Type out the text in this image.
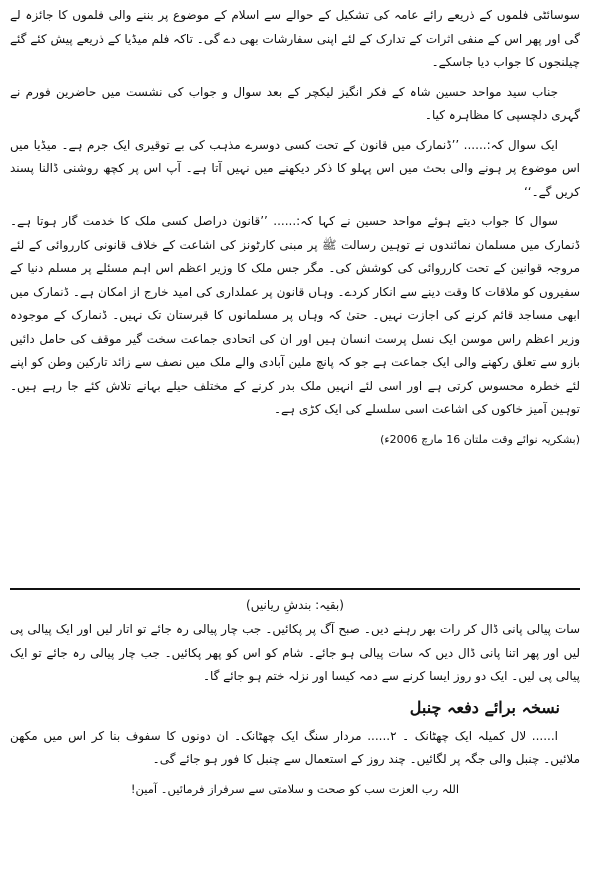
سوسائٹی فلموں کے ذریعے رائے عامہ کی تشکیل کے حوالے سے اسلام کے موضوع پر بننے والی فلموں کا جائزہ لے گی اور پھر اس کے منفی اثرات کے تدارک کے لئے اپنی سفارشات بھی دے گی۔ تاکہ فلم میڈیا کے ذریعے پیش کئے گئے چیلنجوں کا جواب دیا جاسکے۔

جناب سید مواحد حسین شاہ کے فکر انگیز لیکچر کے بعد سوال و جواب کی نشست میں حاضرین فورم نے گہری دلچسپی کا مظاہرہ کیا۔

ایک سوال کہ:...... ’’ڈنمارک میں قانون کے تحت کسی دوسرے مذہب کی بے توقیری ایک جرم ہے۔ میڈیا میں اس موضوع پر ہونے والی بحث میں اس پہلو کا ذکر دیکھنے میں نہیں آتا ہے۔ آپ اس پر کچھ روشنی ڈالنا پسند کریں گے۔‘‘

سوال کا جواب دیتے ہوئے مواحد حسین نے کہا کہ:...... ’’قانون دراصل کسی ملک کا خدمت گار ہوتا ہے۔ ڈنمارک میں مسلمان نمائندوں نے توہین رسالت ﷺ پر مبنی کارٹونز کی اشاعت کے خلاف قانونی کارروائی کے لئے مروجہ قوانین کے تحت کارروائی کی کوشش کی۔ مگر جس ملک کا وزیر اعظم اس اہم مسئلے پر مسلم دنیا کے سفیروں کو ملاقات کا وقت دینے سے انکار کردے۔ وہاں قانون پر عملداری کی امید خارج از امکان ہے۔ ڈنمارک میں ابھی مساجد قائم کرنے کی اجازت نہیں۔ حتیٰ کہ وہاں پر مسلمانوں کا قبرستان تک نہیں۔ ڈنمارک کے موجودہ وزیر اعظم راس موسن ایک نسل پرست انسان ہیں اور ان کی اتحادی جماعت سخت گیر موقف کی حامل دائیں بازو سے تعلق رکھنے والی ایک جماعت ہے جو کہ پانچ ملین آبادی والے ملک میں نصف سے زائد تارکین وطن کو اپنے لئے خطرہ محسوس کرتی ہے اور اسی لئے انہیں ملک بدر کرنے کے مختلف حیلے بہانے تلاش کئے جا رہے ہیں۔ توہین آمیز خاکوں کی اشاعت اسی سلسلے کی ایک کڑی ہے۔

(بشکریہ نوائے وقت ملتان 16 مارچ 2006ء)

(بقیہ: بندشِ ریانیں)

سات پیالی پانی ڈال کر رات بھر رہنے دیں۔ صبح آگ پر پکائیں۔ جب چار پیالی رہ جائے تو اتار لیں اور ایک پیالی پی لیں اور پھر اتنا پانی ڈال دیں کہ سات پیالی ہو جائے۔ شام کو اس کو پھر پکائیں۔ جب چار پیالی رہ جائے تو ایک پیالی پی لیں۔ ایک دو روز ایسا کرنے سے دمہ کیسا اور نزلہ ختم ہو جائے گا۔

نسخہ برائے دفعہ چنبل

ا...... لال کمیلہ ایک چھٹانک ۔ ۲...... مردار سنگ ایک چھٹانک۔ ان دونوں کا سفوف بنا کر اس میں مکھن ملائیں۔ چنبل والی جگہ پر لگائیں۔ چند روز کے استعمال سے چنبل کا فور ہو جائے گی۔

اللہ رب العزت سب کو صحت و سلامتی سے سرفراز فرمائیں۔ آمین!
